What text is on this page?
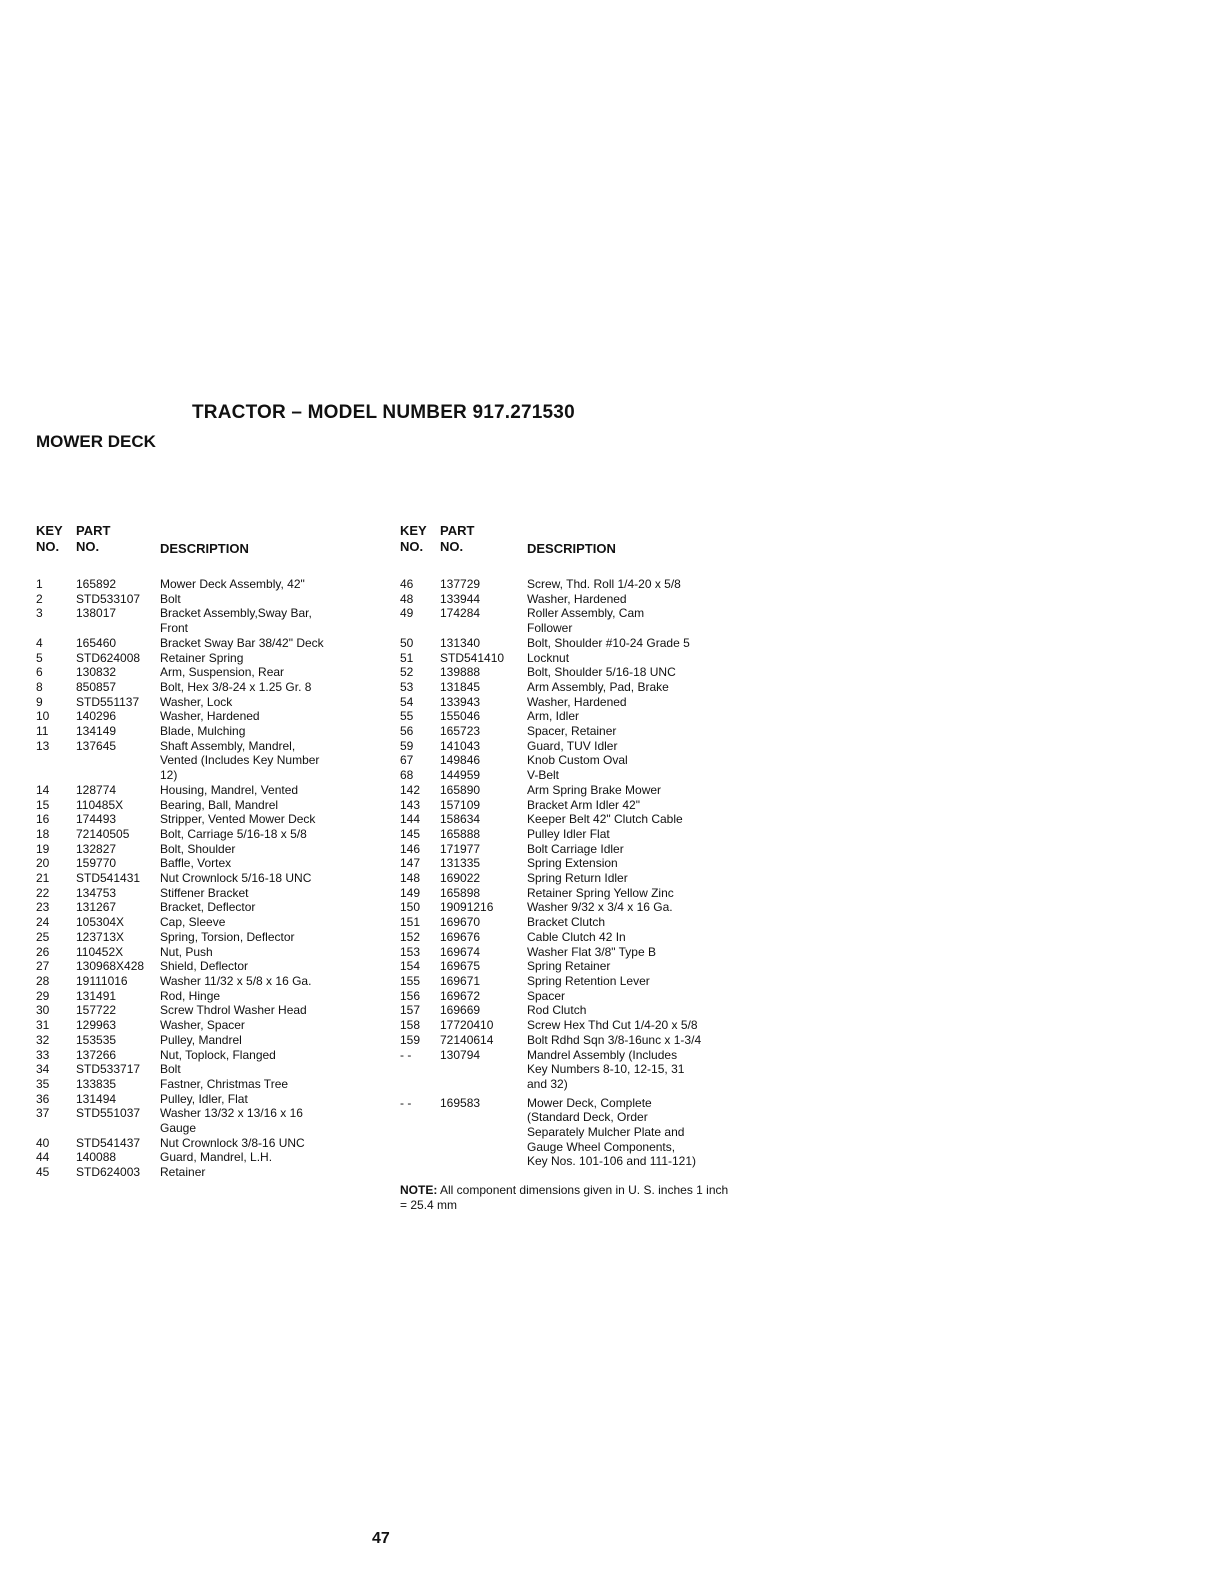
TRACTOR – MODEL NUMBER 917.271530
MOWER DECK
KEY
NO.
PART
NO.	DESCRIPTION
1	165892	Mower Deck Assembly, 42"
2	STD533107	Bolt
3	138017	Bracket Assembly,Sway Bar,
Front
4	165460	Bracket Sway Bar 38/42" Deck
5	STD624008	Retainer Spring
6	130832	Arm, Suspension, Rear
8	850857	Bolt, Hex 3/8-24 x 1.25 Gr. 8
9	STD551137	Washer, Lock
10	140296	Washer, Hardened
11	134149	Blade, Mulching
13	137645	Shaft Assembly, Mandrel,
Vented (Includes Key Number
12)
14	128774	Housing, Mandrel, Vented
15	110485X	Bearing, Ball, Mandrel
16	174493	Stripper, Vented Mower Deck
18	72140505	Bolt, Carriage 5/16-18 x 5/8
19	132827	Bolt, Shoulder
20	159770	Baffle, Vortex
21	STD541431	Nut Crownlock 5/16-18 UNC
22	134753	Stiffener Bracket
23	131267	Bracket, Deflector
24	105304X	Cap, Sleeve
25	123713X	Spring, Torsion, Deflector
26	110452X	Nut, Push
27	130968X428	Shield, Deflector
28	19111016	Washer 11/32 x 5/8 x 16 Ga.
29	131491	Rod, Hinge
30	157722	Screw Thdrol Washer Head
31	129963	Washer, Spacer
32	153535	Pulley, Mandrel
33	137266	Nut, Toplock, Flanged
34	STD533717	Bolt
35	133835	Fastner, Christmas Tree
36	131494	Pulley, Idler, Flat
37	STD551037	Washer 13/32 x 13/16 x 16
Gauge
40	STD541437	Nut Crownlock 3/8-16 UNC
44	140088	Guard, Mandrel, L.H.
45	STD624003	Retainer
KEY
NO.
PART
NO.	DESCRIPTION
46	137729	Screw, Thd. Roll 1/4-20 x 5/8
48	133944	Washer, Hardened
49	174284	Roller Assembly, Cam
Follower
50	131340	Bolt, Shoulder #10-24 Grade 5
51	STD541410	Locknut
52	139888	Bolt, Shoulder 5/16-18 UNC
53	131845	Arm Assembly, Pad, Brake
54	133943	Washer, Hardened
55	155046	Arm, Idler
56	165723	Spacer, Retainer
59	141043	Guard, TUV Idler
67	149846	Knob Custom Oval
68	144959	V-Belt
142	165890	Arm Spring Brake Mower
143	157109	Bracket Arm Idler 42"
144	158634	Keeper Belt 42" Clutch Cable
145	165888	Pulley Idler Flat
146	171977	Bolt Carriage Idler
147	131335	Spring Extension
148	169022	Spring Return Idler
149	165898	Retainer Spring Yellow Zinc
150	19091216	Washer 9/32 x 3/4 x 16 Ga.
151	169670	Bracket Clutch
152	169676	Cable Clutch 42 In
153	169674	Washer Flat 3/8" Type B
154	169675	Spring Retainer
155	169671	Spring Retention Lever
156	169672	Spacer
157	169669	Rod Clutch
158	17720410	Screw Hex Thd Cut 1/4-20 x 5/8
159	72140614	Bolt Rdhd Sqn 3/8-16unc x 1-3/4
- -	130794	Mandrel Assembly (Includes
Key Numbers 8-10, 12-15, 31
and 32)
- -	169583	Mower Deck, Complete
(Standard Deck, Order
Separately Mulcher Plate and
Gauge Wheel Components,
Key Nos. 101-106 and 111-121)
NOTE: All component dimensions given in U. S. inches 1 inch = 25.4 mm
47
